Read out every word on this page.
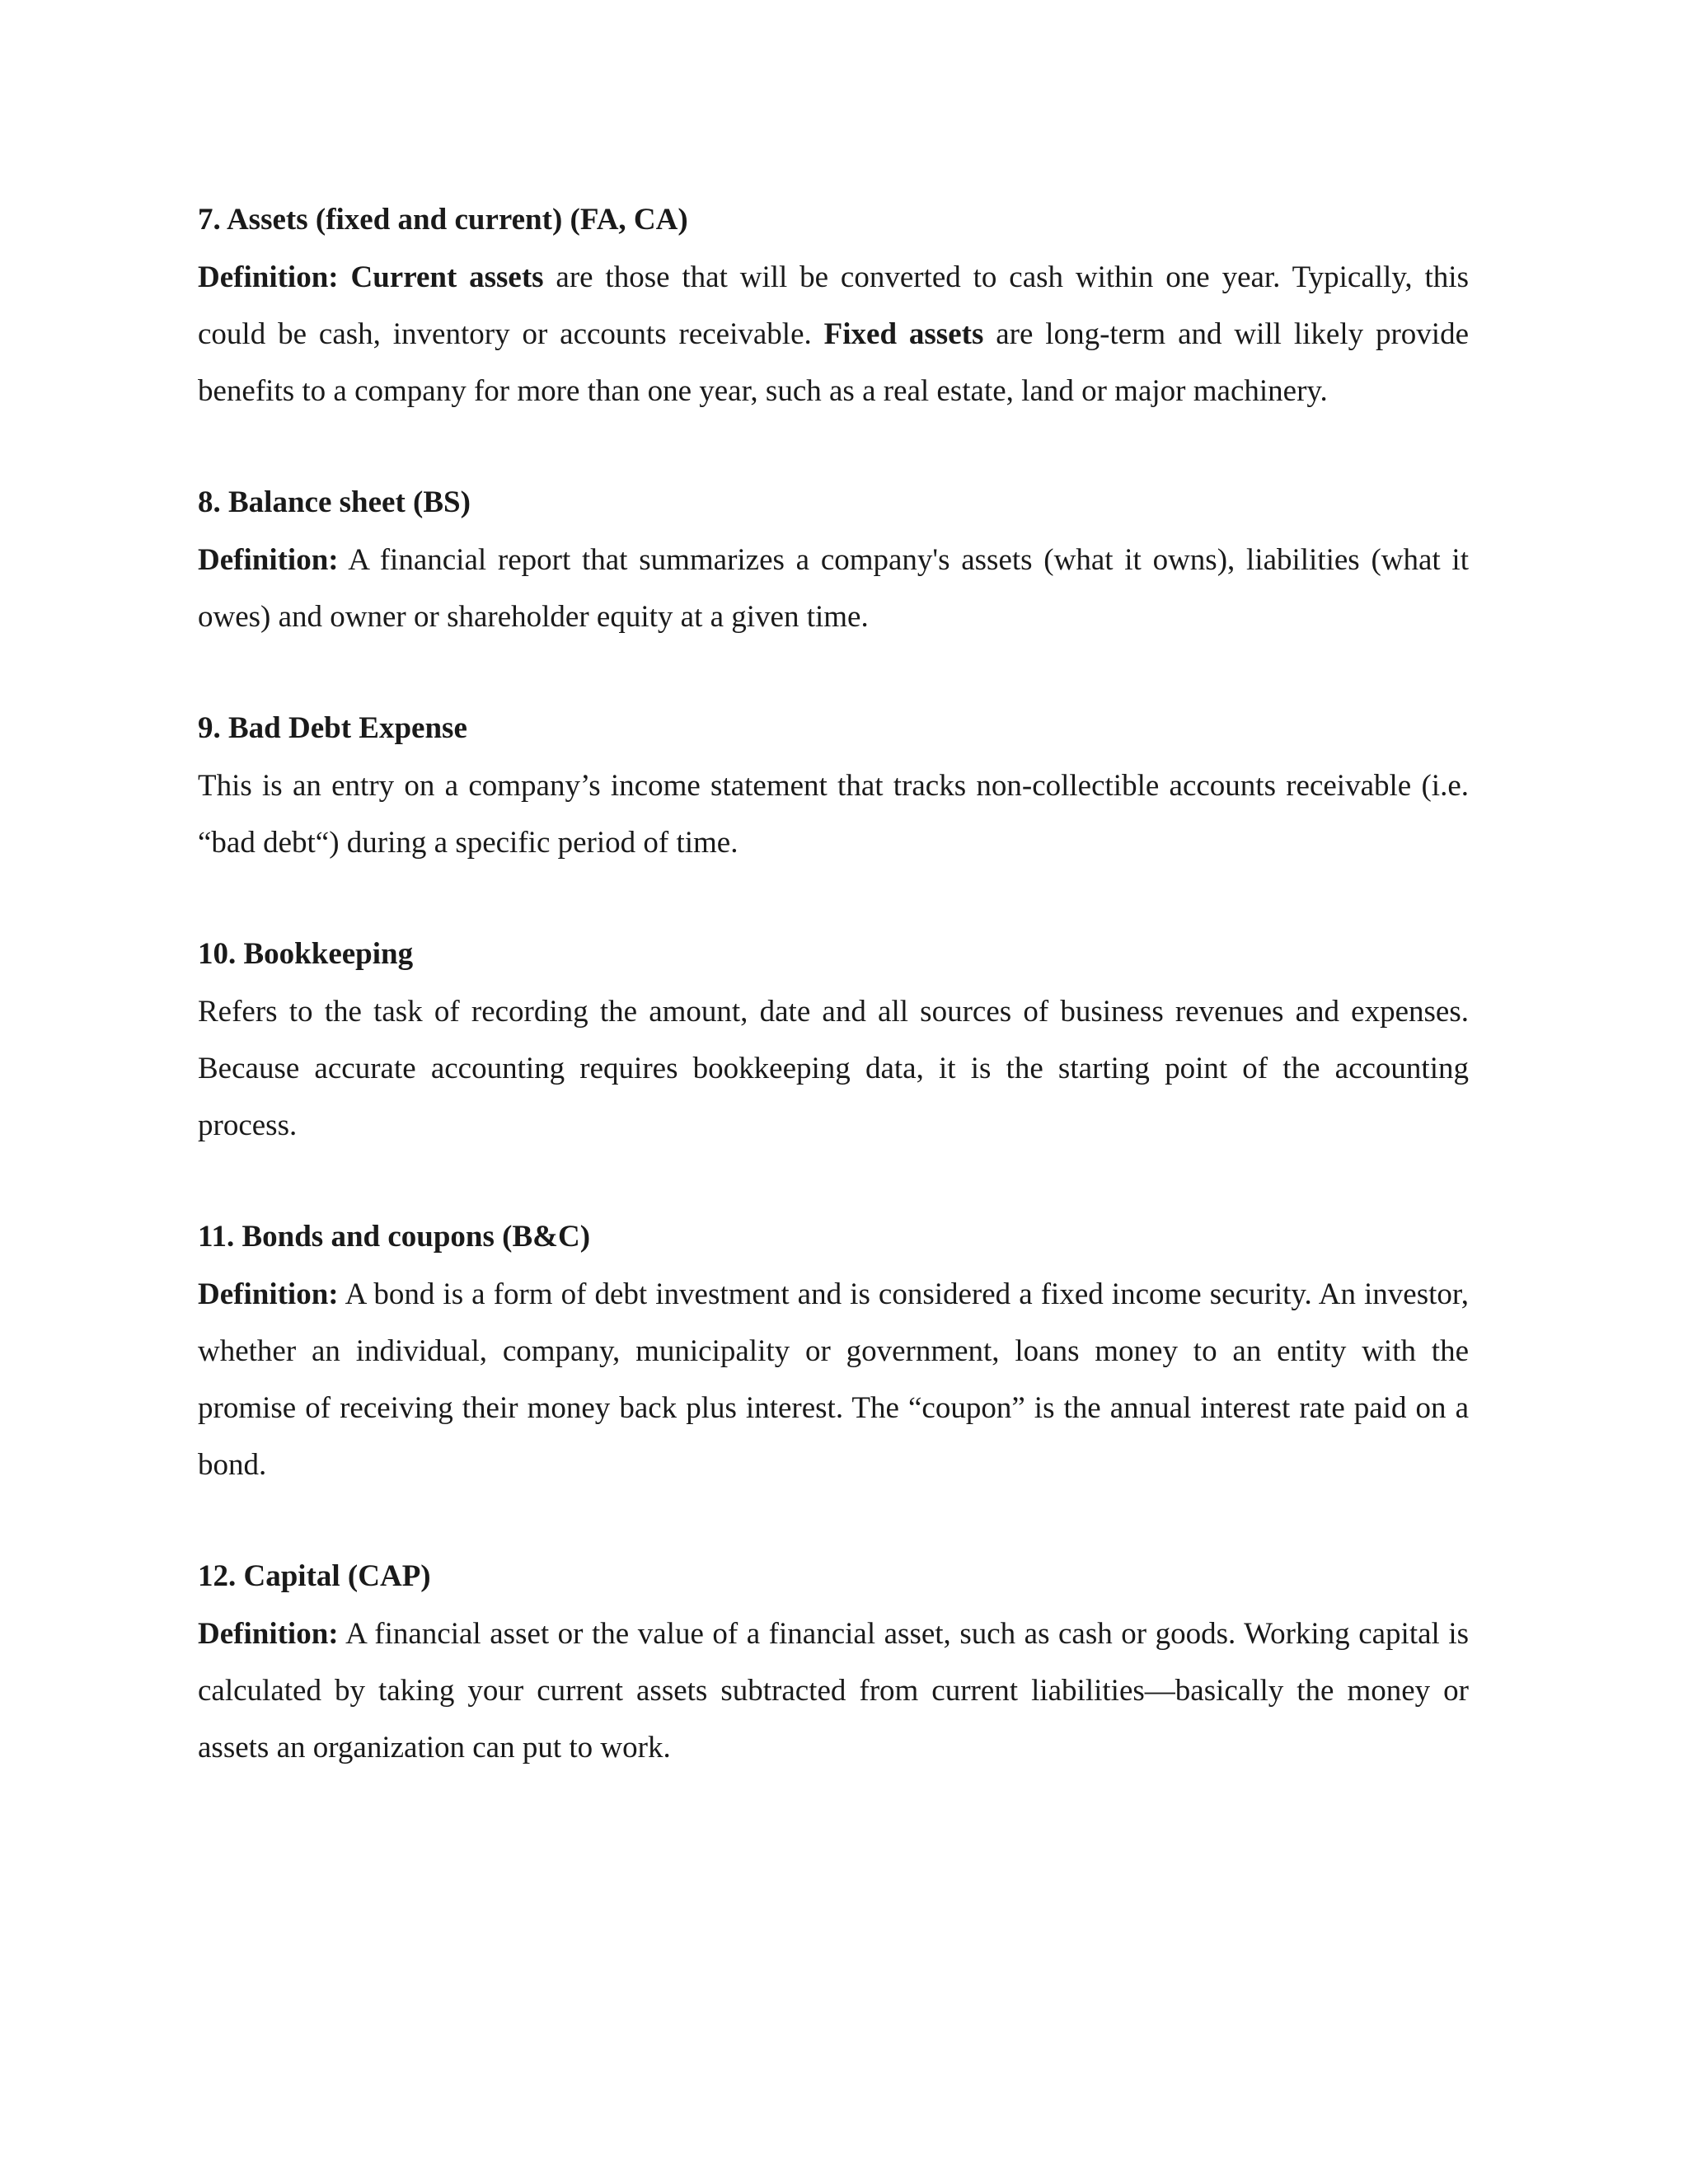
7. Assets (fixed and current) (FA, CA)

Definition: Current assets are those that will be converted to cash within one year. Typically, this could be cash, inventory or accounts receivable. Fixed assets are long-term and will likely provide benefits to a company for more than one year, such as a real estate, land or major machinery.

8. Balance sheet (BS)

Definition: A financial report that summarizes a company's assets (what it owns), liabilities (what it owes) and owner or shareholder equity at a given time.

9. Bad Debt Expense

This is an entry on a company’s income statement that tracks non-collectible accounts receivable (i.e. “bad debt“) during a specific period of time.

10. Bookkeeping

Refers to the task of recording the amount, date and all sources of business revenues and expenses. Because accurate accounting requires bookkeeping data, it is the starting point of the accounting process.

11. Bonds and coupons (B&C)

Definition: A bond is a form of debt investment and is considered a fixed income security. An investor, whether an individual, company, municipality or government, loans money to an entity with the promise of receiving their money back plus interest. The “coupon” is the annual interest rate paid on a bond.

12. Capital (CAP)

Definition: A financial asset or the value of a financial asset, such as cash or goods. Working capital is calculated by taking your current assets subtracted from current liabilities—basically the money or assets an organization can put to work.
